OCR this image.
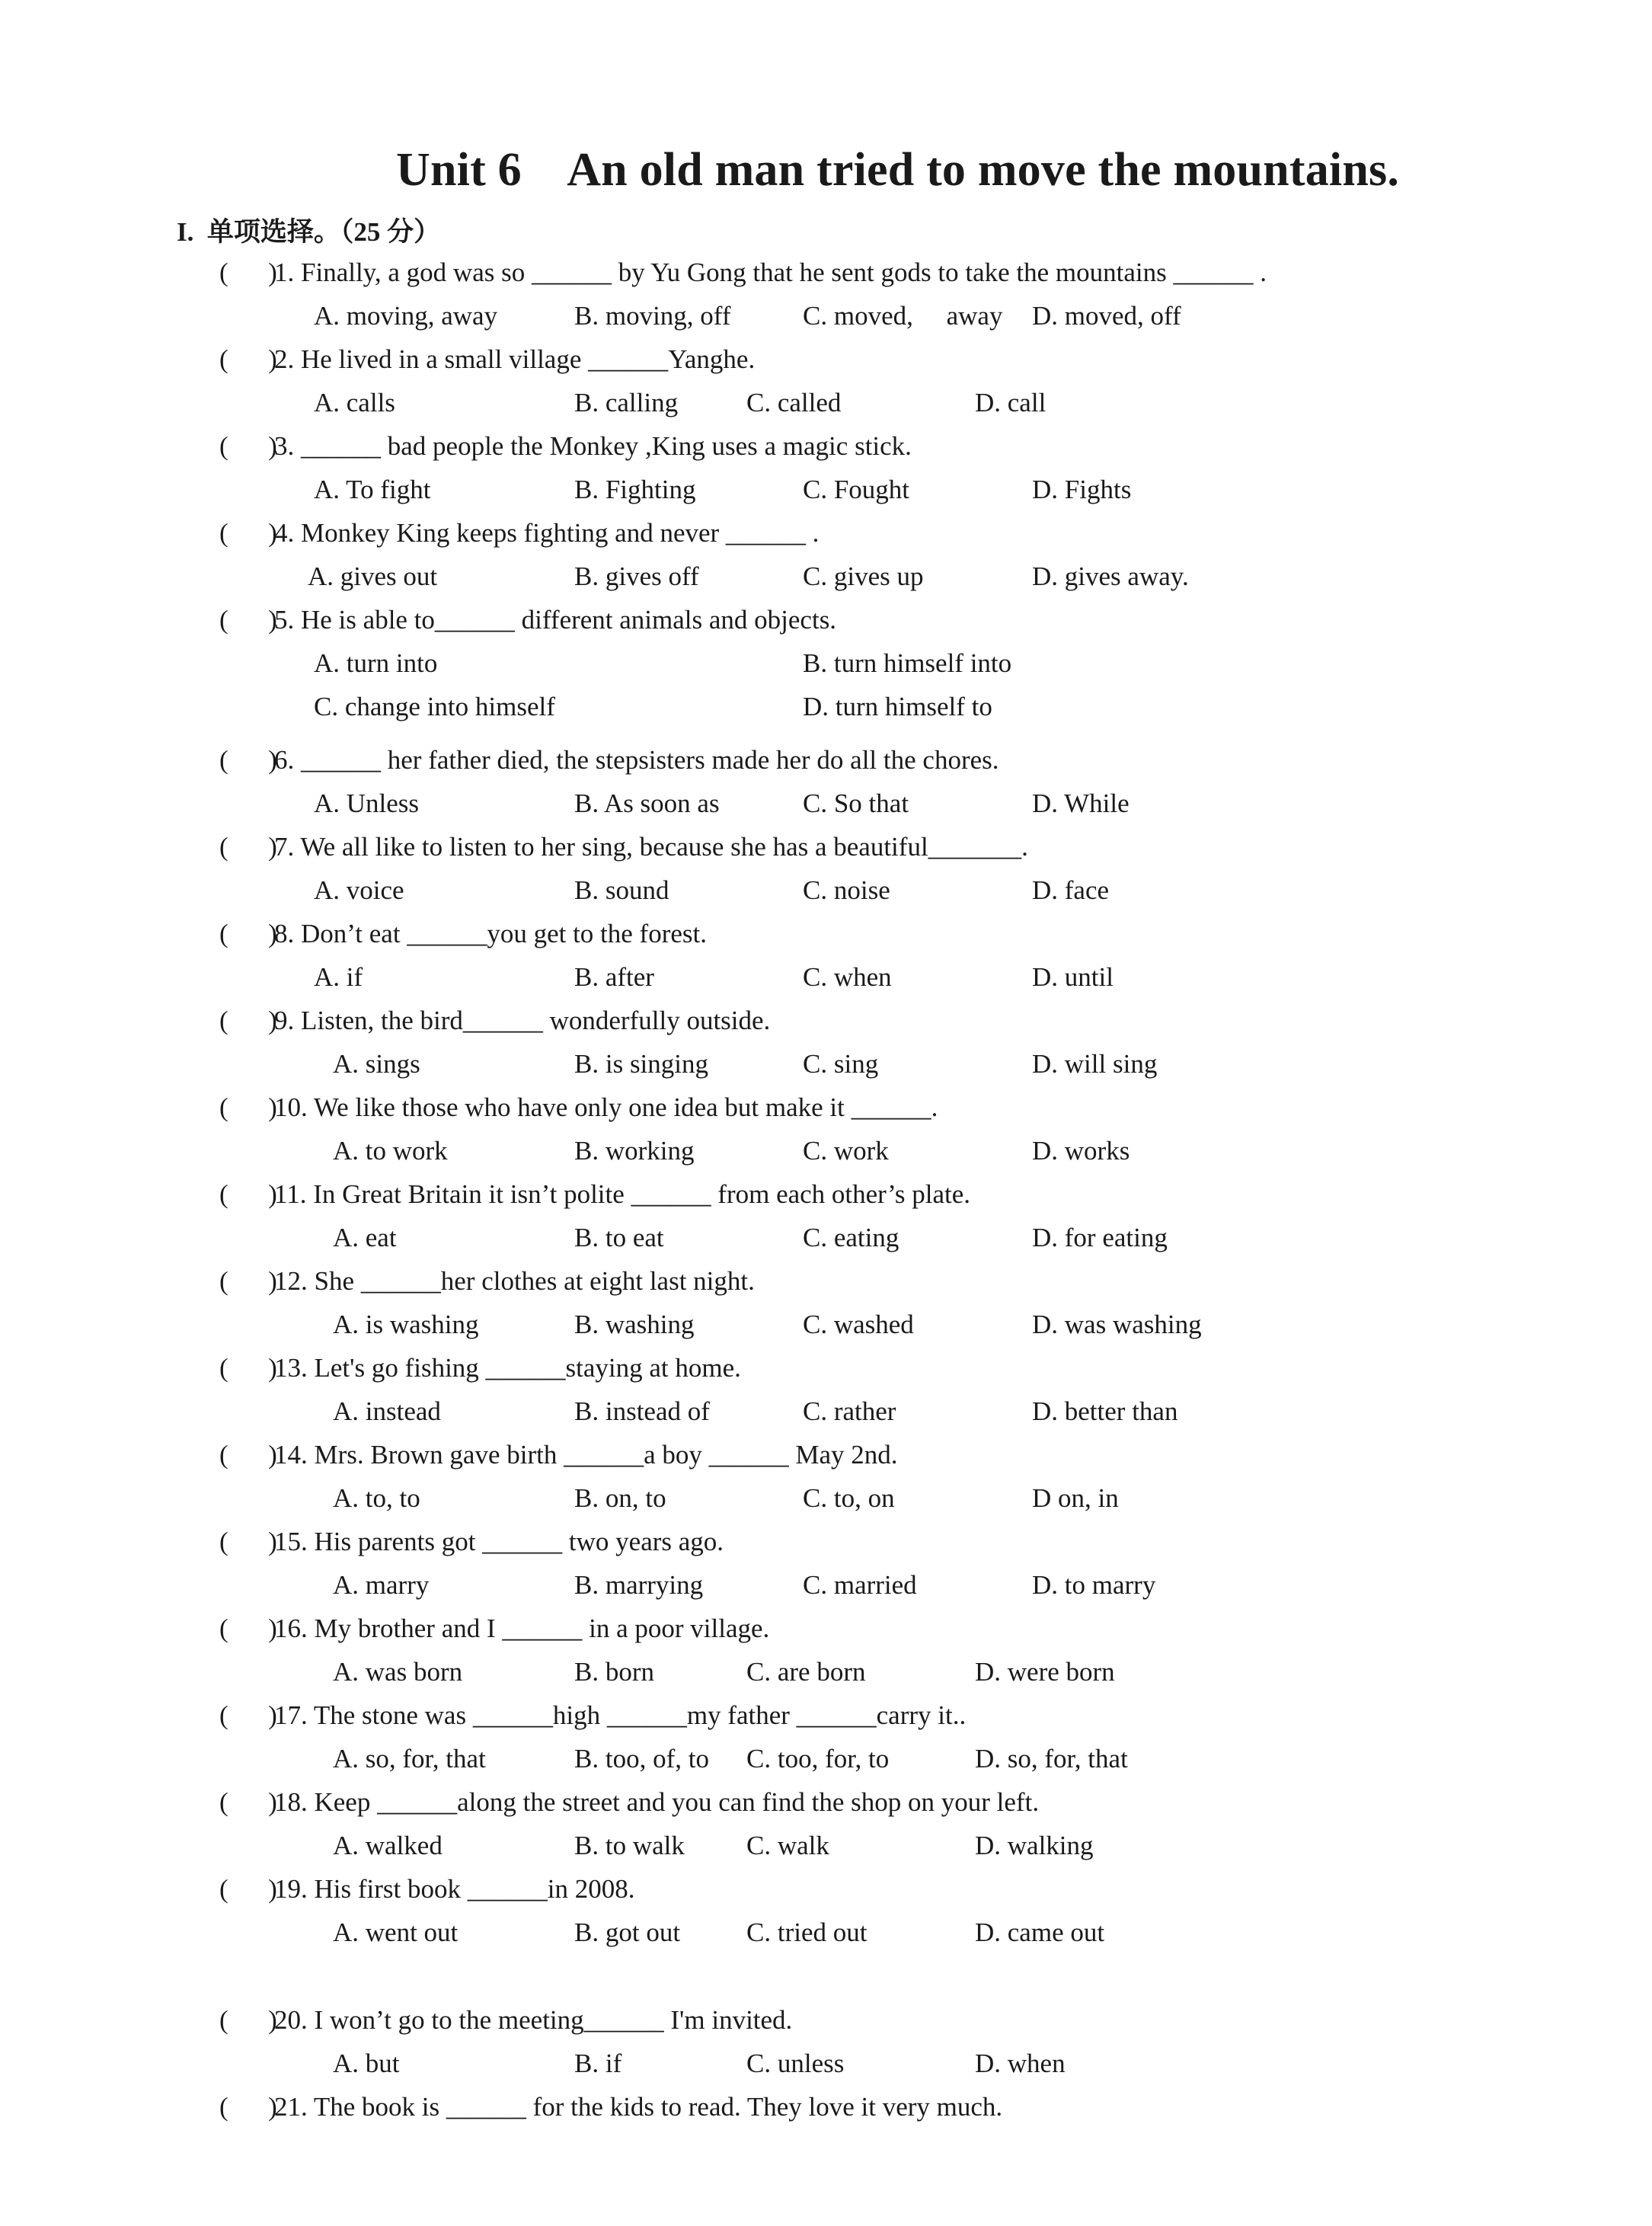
Unit 6    An old man tried to move the mountains.
I.  单项选择。（25 分）
(      )
1. Finally, a god was so ______ by Yu Gong that he sent gods to take the mountains ______ .
A. moving, away	B. moving, off	C. moved,     away D. moved, off
(      )
2. He lived in a small village ______Yanghe.
A. calls	B. calling	C. called	D. call
(      )
3. ______ bad people the Monkey ,King uses a magic stick.
A. To fight	B. Fighting	C. Fought	D. Fights
(      )
4. Monkey King keeps fighting and never ______ .
A. gives out	B. gives off	C. gives up	D. gives away.
(      )
5. He is able to______ different animals and objects.
A. turn into	B. turn himself into
C. change into himself	D. turn himself to
(      )
6. ______ her father died, the stepsisters made her do all the chores.
A. Unless	B. As soon as	C. So that	D. While
(      )
7. We all like to listen to her sing, because she has a beautiful_______.
A. voice	B. sound	C. noise	D. face
(      )
8. Don’t eat ______you get to the forest.
A. if	B. after	C. when	D. until
(      )
9. Listen, the bird______ wonderfully outside.
A. sings	B. is singing	C. sing	D. will sing
(      )
10. We like those who have only one idea but make it ______.
A. to work	B. working	C. work	D. works
(      )
11. In Great Britain it isn’t polite ______ from each other’s plate.
A. eat	B. to eat	C. eating	D. for eating
(      )
12. She ______her clothes at eight last night.
A. is washing	B. washing	C. washed	D. was washing
(      )
13. Let's go fishing ______staying at home.
A. instead	B. instead of	C. rather	D. better than
(      )
14. Mrs. Brown gave birth ______a boy ______ May 2nd.
A. to, to	B. on, to	C. to, on	D on, in
(      )
15. His parents got ______ two years ago.
A. marry	B. marrying	C. married	D. to marry
(      )
16. My brother and I ______ in a poor village.
A. was born	B. born	C. are born	D. were born
(      )
17. The stone was ______high ______my father ______carry it..
A. so, for, that	B. too, of, to C. too, for, to	D. so, for, that
(      )
18. Keep ______along the street and you can find the shop on your left.
A. walked	B. to walk C. walk	D. walking
(      )
19. His first book ______in 2008.
A. went out	B. got out C. tried out	D. came out
(      )
20. I won’t go to the meeting______ I'm invited.
A. but	B. if	C. unless	D. when
(      )
21. The book is ______ for the kids to read. They love it very much.
